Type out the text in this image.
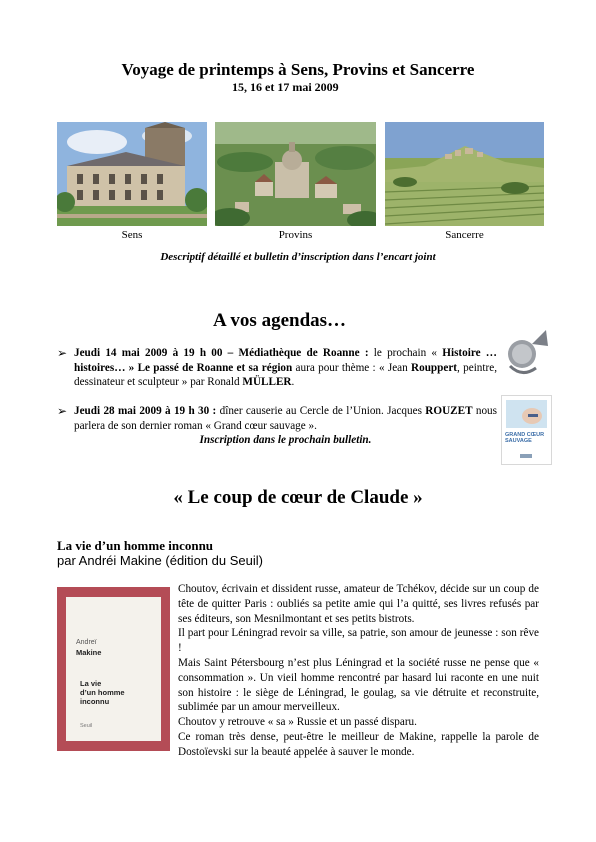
Voyage de printemps à Sens, Provins et Sancerre
15, 16 et 17 mai 2009
Sens	Provins	Sancerre
Descriptif détaillé et bulletin d’inscription dans l’encart joint
A vos agendas…
➢ Jeudi 14 mai 2009 à 19 h 00 – Médiathèque de Roanne : le prochain « Histoire … histoires… » Le passé de Roanne et sa région aura pour thème : « Jean Rouppert, peintre, dessinateur et sculpteur » par Ronald MÜLLER.
➢ Jeudi 28 mai 2009 à 19 h 30 : dîner causerie au Cercle de l’Union. Jacques ROUZET nous parlera de son dernier roman « Grand cœur sauvage ».
Inscription dans le prochain bulletin.	GRAND CŒUR SAUVAGE
« Le coup de cœur de Claude »
La vie d’un homme inconnu
par Andréi Makine (édition du Seuil)
Andreï
Makine
La vie
d’un homme
inconnu
Seuil

Choutov, écrivain et dissident russe, amateur de Tchékov, décide sur un coup de tête de quitter Paris : oubliés sa petite amie qui l’a quitté, ses livres refusés par ses éditeurs, son Mesnilmontant et ses petits bistrots.

Il part pour Léningrad revoir sa ville, sa patrie, son amour de jeunesse : son rêve !

Mais Saint Pétersbourg n’est plus Léningrad et la société russe ne pense que « consommation ». Un vieil homme rencontré par hasard lui raconte en une nuit son histoire : le siège de Léningrad, le goulag, sa vie détruite et reconstruite, sublimée par un amour merveilleux.

Choutov y retrouve « sa » Russie et un passé disparu.

Ce roman très dense, peut-être le meilleur de Makine, rappelle la parole de Dostoïevski sur la beauté appelée à sauver le monde.
